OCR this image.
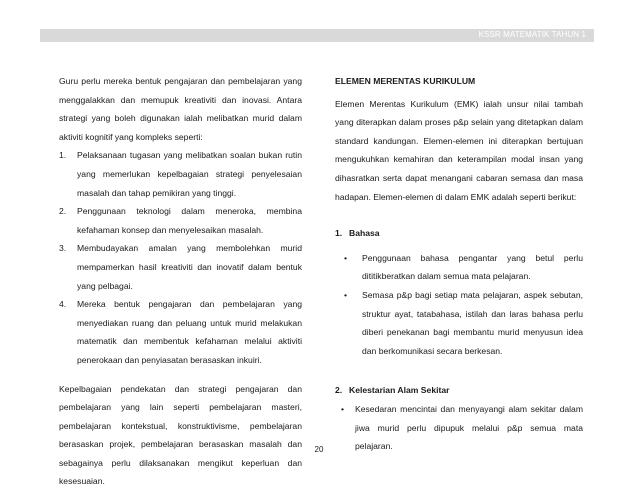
KSSR MATEMATIK TAHUN 1

Guru perlu mereka bentuk pengajaran dan pembelajaran yang menggalakkan dan memupuk kreativiti dan inovasi. Antara strategi yang boleh digunakan ialah melibatkan murid dalam aktiviti kognitif yang kompleks seperti:

1. Pelaksanaan tugasan yang melibatkan soalan bukan rutin yang memerlukan kepelbagaian strategi penyelesaian masalah dan tahap pemikiran yang tinggi.
2. Penggunaan teknologi dalam meneroka, membina kefahaman konsep dan menyelesaikan masalah.
3. Membudayakan amalan yang membolehkan murid mempamerkan hasil kreativiti dan inovatif dalam bentuk yang pelbagai.
4. Mereka bentuk pengajaran dan pembelajaran yang menyediakan ruang dan peluang untuk murid melakukan matematik dan membentuk kefahaman melalui aktiviti penerokaan dan penyiasatan berasaskan inkuiri.

Kepelbagaian pendekatan dan strategi pengajaran dan pembelajaran yang lain seperti pembelajaran masteri, pembelajaran kontekstual, konstruktivisme, pembelajaran berasaskan projek, pembelajaran berasaskan masalah dan sebagainya perlu dilaksanakan mengikut keperluan dan kesesuaian.

ELEMEN MERENTAS KURIKULUM

Elemen Merentas Kurikulum (EMK) ialah unsur nilai tambah yang diterapkan dalam proses p&p selain yang ditetapkan dalam standard kandungan. Elemen-elemen ini diterapkan bertujuan mengukuhkan kemahiran dan keterampilan modal insan yang dihasratkan serta dapat menangani cabaran semasa dan masa hadapan. Elemen-elemen di dalam EMK adalah seperti berikut:

1. Bahasa

• Penggunaan bahasa pengantar yang betul perlu dititikberatkan dalam semua mata pelajaran.
• Semasa p&p bagi setiap mata pelajaran, aspek sebutan, struktur ayat, tatabahasa, istilah dan laras bahasa perlu diberi penekanan bagi membantu murid menyusun idea dan berkomunikasi secara berkesan.

2. Kelestarian Alam Sekitar

• Kesedaran mencintai dan menyayangi alam sekitar dalam jiwa murid perlu dipupuk melalui p&p semua mata pelajaran.
20
